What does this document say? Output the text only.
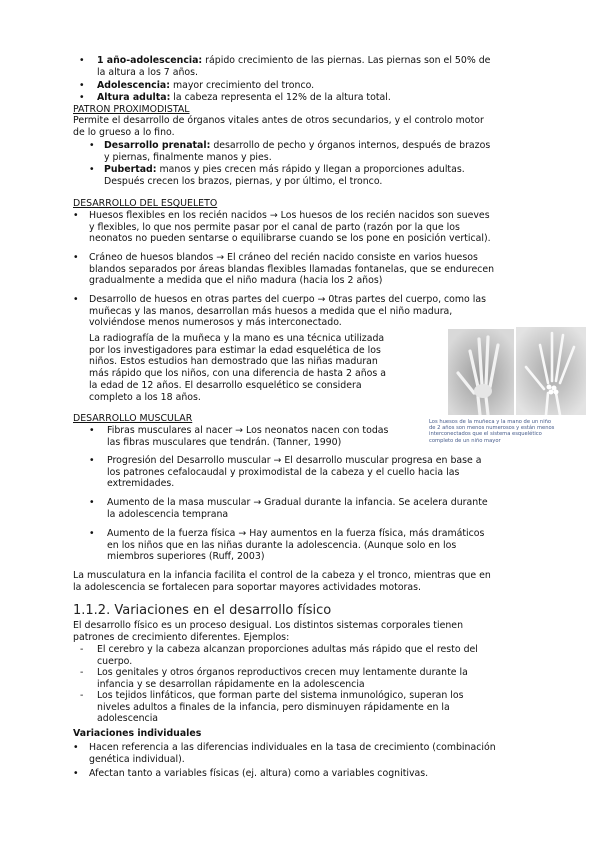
• 1 año-adolescencia: rápido crecimiento de las piernas. Las piernas son el 50% de
la altura a los 7 años.
• Adolescencia: mayor crecimiento del tronco.
• Altura adulta: la cabeza representa el 12% de la altura total.
PATRON PROXIMODISTAL
Permite el desarrollo de órganos vitales antes de otros secundarios, y el controlo motor
de lo grueso a lo fino.
• Desarrollo prenatal: desarrollo de pecho y órganos internos, después de brazos
y piernas, finalmente manos y pies.
• Pubertad: manos y pies crecen más rápido y llegan a proporciones adultas.
Después crecen los brazos, piernas, y por último, el tronco.
DESARROLLO DEL ESQUELETO
• Huesos flexibles en los recién nacidos → Los huesos de los recién nacidos son sueves
y flexibles, lo que nos permite pasar por el canal de parto (razón por la que los
neonatos no pueden sentarse o equilibrarse cuando se los pone en posición vertical).
• Cráneo de huesos blandos → El cráneo del recién nacido consiste en varios huesos
blandos separados por áreas blandas flexibles llamadas fontanelas, que se endurecen
gradualmente a medida que el niño madura (hacia los 2 años)
• Desarrollo de huesos en otras partes del cuerpo → 0tras partes del cuerpo, como las
muñecas y las manos, desarrollan más huesos a medida que el niño madura,
volviéndose menos numerosos y más interconectado.
La radiografía de la muñeca y la mano es una técnica utilizada
por los investigadores para estimar la edad esquelética de los
niños. Estos estudios han demostrado que las niñas maduran
más rápido que los niños, con una diferencia de hasta 2 años a
la edad de 12 años. El desarrollo esquelético se considera
completo a los 18 años.
Los huesos de la muñeca y la mano de un niño
de 2 años son menos numerosos y están menos
interconectados que el sistema esquelético
completo de un niño mayor
DESARROLLO MUSCULAR
• Fibras musculares al nacer → Los neonatos nacen con todas
las fibras musculares que tendrán. (Tanner, 1990)
• Progresión del Desarrollo muscular → El desarrollo muscular progresa en base a
los patrones cefalocaudal y proximodistal de la cabeza y el cuello hacia las
extremidades.
• Aumento de la masa muscular → Gradual durante la infancia. Se acelera durante
la adolescencia temprana
• Aumento de la fuerza física → Hay aumentos en la fuerza física, más dramáticos
en los niños que en las niñas durante la adolescencia. (Aunque solo en los
miembros superiores (Ruff, 2003)
La musculatura en la infancia facilita el control de la cabeza y el tronco, mientras que en
la adolescencia se fortalecen para soportar mayores actividades motoras.
1.1.2. Variaciones en el desarrollo físico
El desarrollo físico es un proceso desigual. Los distintos sistemas corporales tienen
patrones de crecimiento diferentes. Ejemplos:
- El cerebro y la cabeza alcanzan proporciones adultas más rápido que el resto del
cuerpo.
- Los genitales y otros órganos reproductivos crecen muy lentamente durante la
infancia y se desarrollan rápidamente en la adolescencia
- Los tejidos linfáticos, que forman parte del sistema inmunológico, superan los
niveles adultos a finales de la infancia, pero disminuyen rápidamente en la
adolescencia
Variaciones individuales
• Hacen referencia a las diferencias individuales en la tasa de crecimiento (combinación
genética individual).
• Afectan tanto a variables físicas (ej. altura) como a variables cognitivas.
